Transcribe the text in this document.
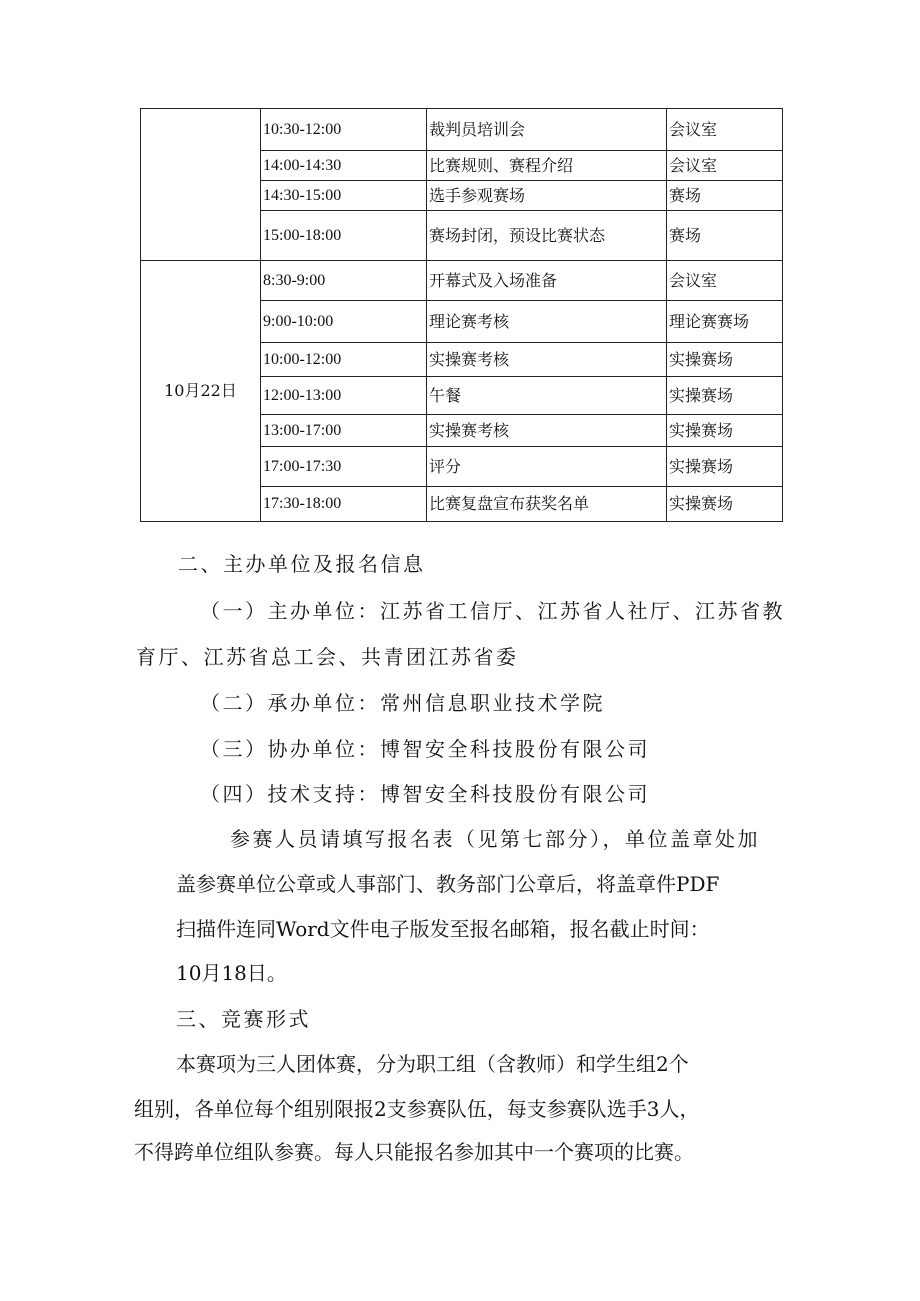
	10:30-12:00	裁判员培训会	会议室
	14:00-14:30	比赛规则、赛程介绍	会议室
	14:30-15:00	选手参观赛场	赛场
	15:00-18:00	赛场封闭，预设比赛状态	赛场
10月22日	8:30-9:00	开幕式及入场准备	会议室
	9:00-10:00	理论赛考核	理论赛赛场
	10:00-12:00	实操赛考核	实操赛场
	12:00-13:00	午餐	实操赛场
	13:00-17:00	实操赛考核	实操赛场
	17:00-17:30	评分	实操赛场
	17:30-18:00	比赛复盘宣布获奖名单	实操赛场

二、主办单位及报名信息

（一）主办单位：江苏省工信厅、江苏省人社厅、江苏省教

育厅、江苏省总工会、共青团江苏省委

（二）承办单位：常州信息职业技术学院

（三）协办单位：博智安全科技股份有限公司

（四）技术支持：博智安全科技股份有限公司

参赛人员请填写报名表（见第七部分），单位盖章处加

盖参赛单位公章或人事部门、教务部门公章后，将盖章件PDF

扫描件连同Word文件电子版发至报名邮箱，报名截止时间：

10月18日。

三、竞赛形式

本赛项为三人团体赛，分为职工组（含教师）和学生组2个

组别，各单位每个组别限报2支参赛队伍，每支参赛队选手3人，

不得跨单位组队参赛。每人只能报名参加其中一个赛项的比赛。
